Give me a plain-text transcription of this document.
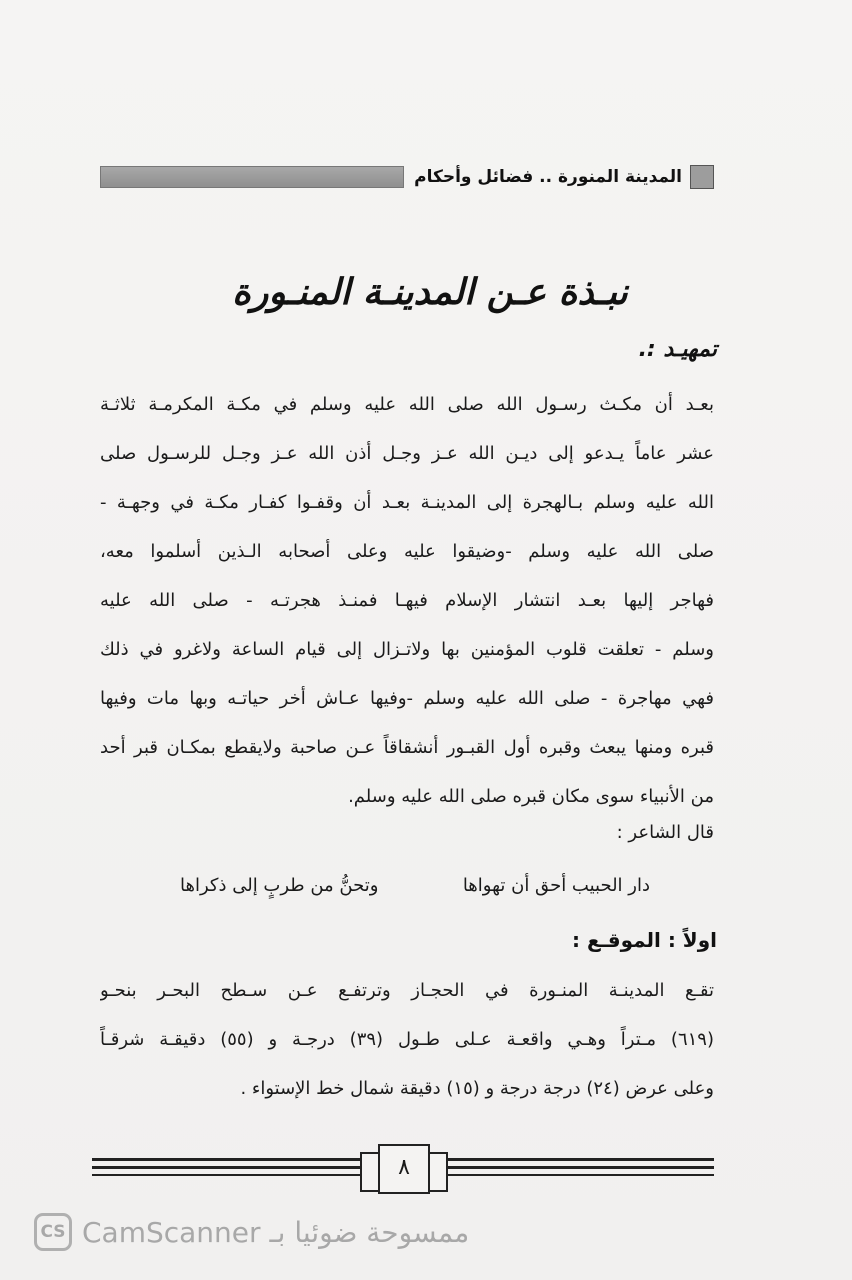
المدينة المنورة .. فضائل وأحكام
نبـذة عـن المدينـة المنـورة
تمهيـد :.

بعـد أن مكـث رسـول الله صلى الله عليه وسلم في مكـة المكرمـة ثلاثـة

عشر عاماً يـدعو إلى ديـن الله عـز وجـل أذن الله عـز وجـل للرسـول صلى

الله عليه وسلم بـالهجرة إلى المدينـة بعـد أن وقفـوا كفـار مكـة في وجهـة -

صلى الله عليه وسلم -وضيقوا عليه وعلى أصحابه الـذين أسلموا معه،

فهاجر إليها بعـد انتشار الإسلام فيهـا فمنـذ هجرتـه - صلى الله عليه

وسلم - تعلقت قلوب المؤمنين بها ولاتـزال إلى قيام الساعة ولاغرو في ذلك

فهي مهاجرة - صلى الله عليه وسلم -وفيها عـاش أخر حياتـه وبها مات وفيها

قبره ومنها يبعث وقبره أول القبـور أنشقاقاً عـن صاحبة ولايقطع بمكـان قبر أحد

من الأنبياء سوى مكان قبره صلى الله عليه وسلم.

قال الشاعر :
دار الحبيب أحق أن تهواها
وتحنُّ من طربٍ إلى ذكراها
اولاً : الموقـع :

تقـع المدينـة المنـورة في الحجـاز وترتفـع عـن سـطح البحـر بنحـو

(٦١٩) مـتراً وهـي واقعـة عـلى طـول (٣٩) درجـة و (٥٥) دقيقـة شرقـاً

وعلى عرض (٢٤) درجة درجة و (١٥) دقيقة شمال خط الإستواء .

٨
CS CamScanner ممسوحة ضوئيا بـ
